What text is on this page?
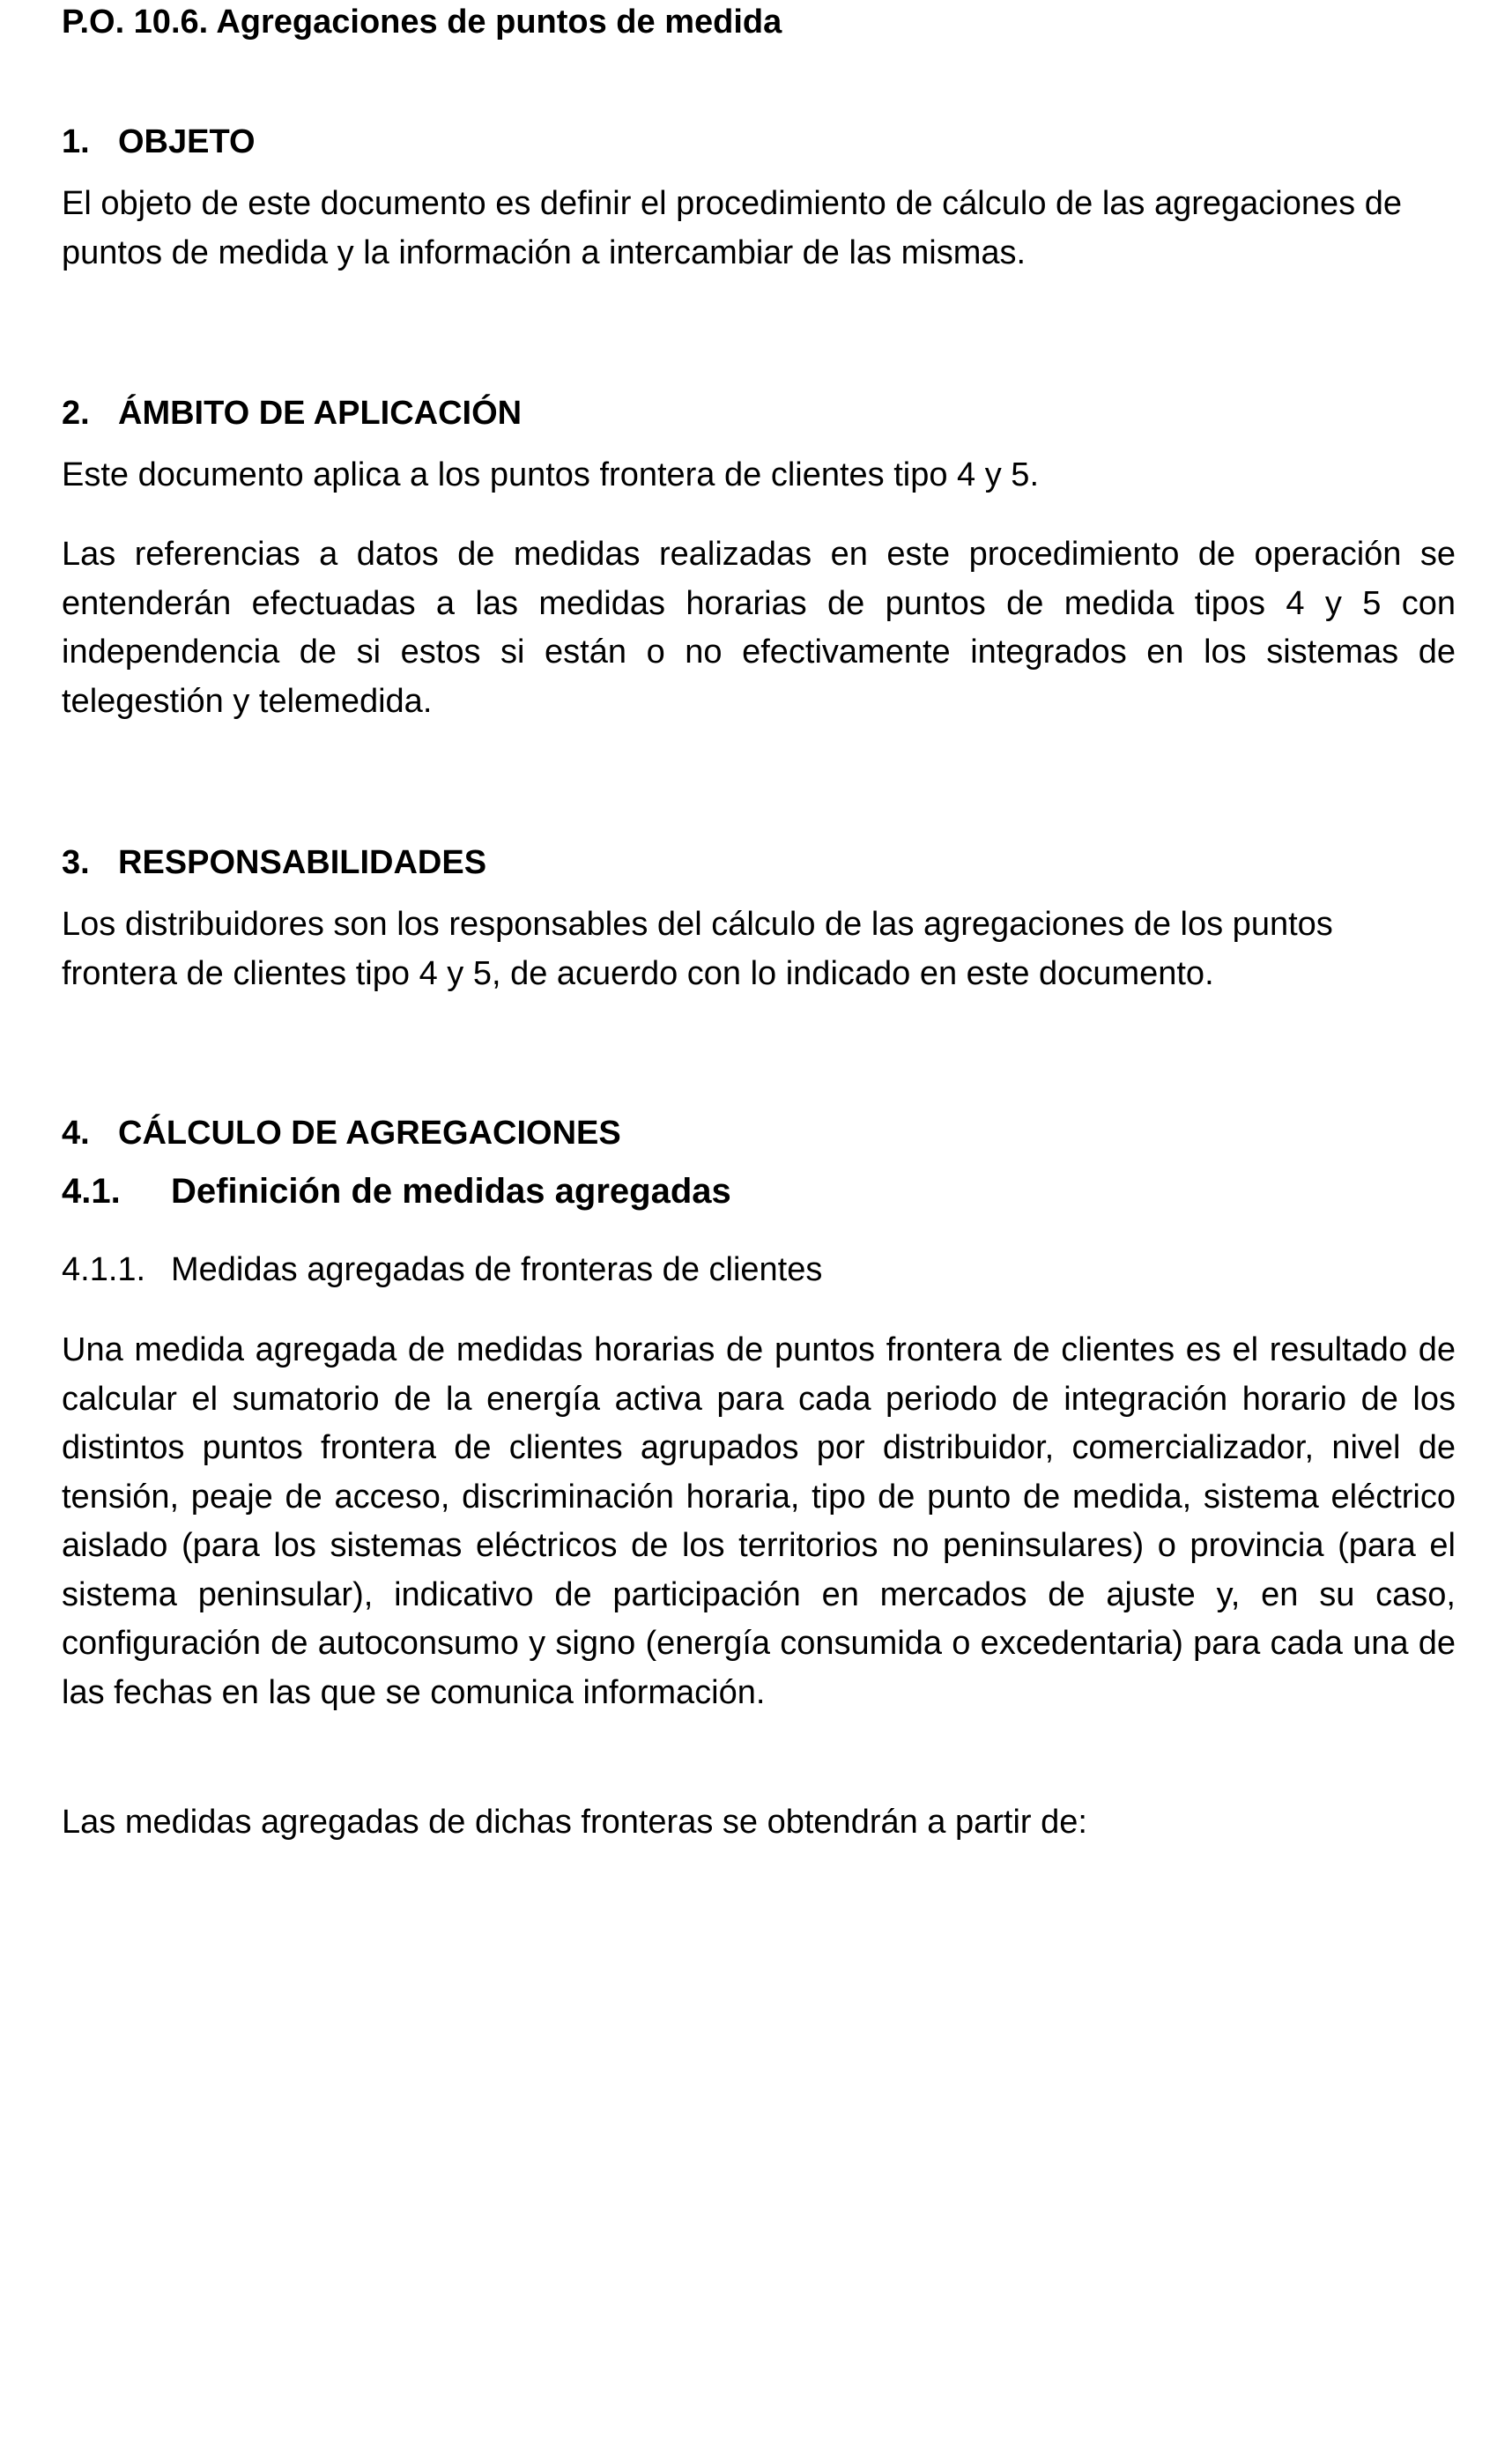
P.O. 10.6. Agregaciones de puntos de medida
1. OBJETO

El objeto de este documento es definir el procedimiento de cálculo de las agregaciones de puntos de medida y la información a intercambiar de las mismas.

2. ÁMBITO DE APLICACIÓN

Este documento aplica a los puntos frontera de clientes tipo 4 y 5.

Las referencias a datos de medidas realizadas en este procedimiento de operación se entenderán efectuadas a las medidas horarias de puntos de medida tipos 4 y 5 con independencia de si estos si están o no efectivamente integrados en los sistemas de telegestión y telemedida.

3. RESPONSABILIDADES

Los distribuidores son los responsables del cálculo de las agregaciones de los puntos frontera de clientes tipo 4 y 5, de acuerdo con lo indicado en este documento.

4. CÁLCULO DE AGREGACIONES
4.1. Definición de medidas agregadas
4.1.1. Medidas agregadas de fronteras de clientes

Una medida agregada de medidas horarias de puntos frontera de clientes es el resultado de calcular el sumatorio de la energía activa para cada periodo de integración horario de los distintos puntos frontera de clientes agrupados por distribuidor, comercializador, nivel de tensión, peaje de acceso, discriminación horaria, tipo de punto de medida, sistema eléctrico aislado (para los sistemas eléctricos de los territorios no peninsulares) o provincia (para el sistema peninsular), indicativo de participación en mercados de ajuste y, en su caso, configuración de autoconsumo y signo (energía consumida o excedentaria) para cada una de las fechas en las que se comunica información.

Las medidas agregadas de dichas fronteras se obtendrán a partir de:
